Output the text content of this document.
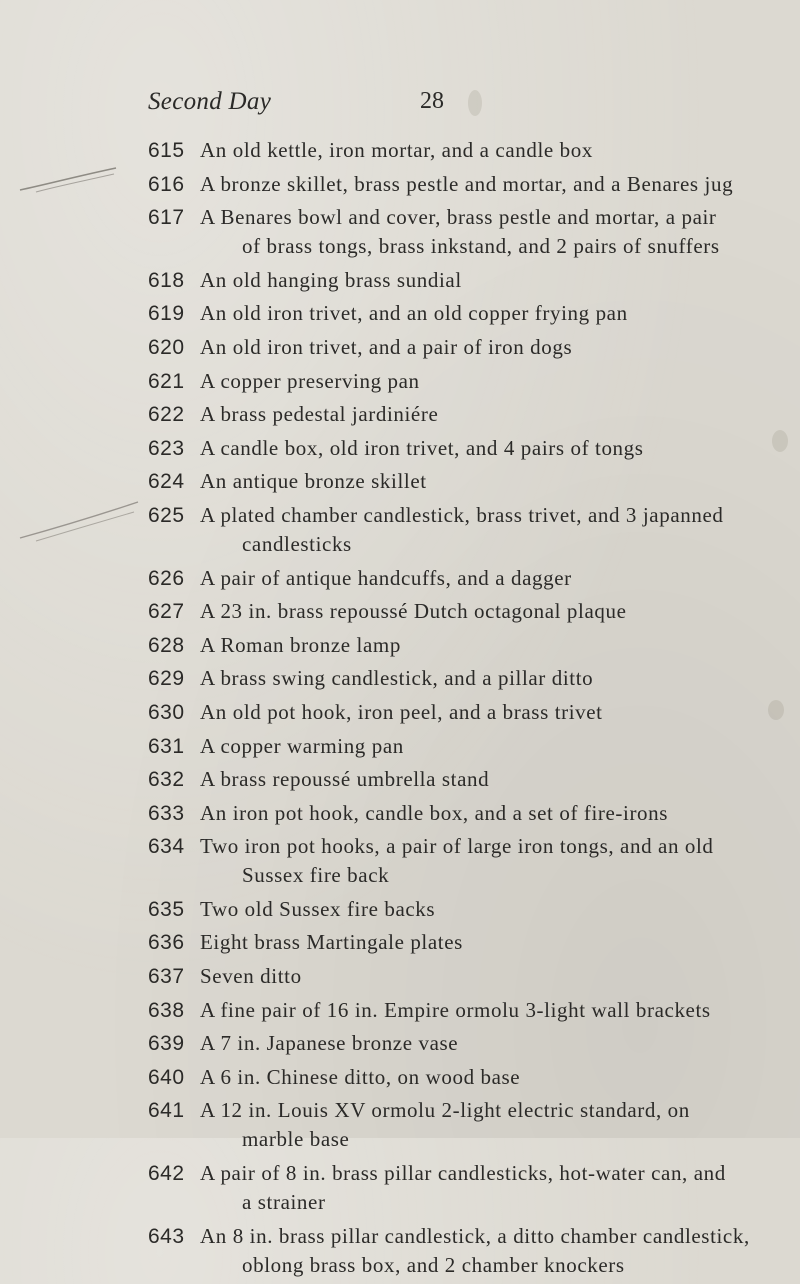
Second Day	28
615 An old kettle, iron mortar, and a candle box
616 A bronze skillet, brass pestle and mortar, and a Benares jug
617 A Benares bowl and cover, brass pestle and mortar, a pair
of brass tongs, brass inkstand, and 2 pairs of snuffers
618 An old hanging brass sundial
619 An old iron trivet, and an old copper frying pan
620 An old iron trivet, and a pair of iron dogs
621 A copper preserving pan
622 A brass pedestal jardiniére
623 A candle box, old iron trivet, and 4 pairs of tongs
624 An antique bronze skillet
625 A plated chamber candlestick, brass trivet, and 3 japanned
candlesticks
626 A pair of antique handcuffs, and a dagger
627 A 23 in. brass repoussé Dutch octagonal plaque
628 A Roman bronze lamp
629 A brass swing candlestick, and a pillar ditto
630 An old pot hook, iron peel, and a brass trivet
631 A copper warming pan
632 A brass repoussé umbrella stand
633 An iron pot hook, candle box, and a set of fire-irons
634 Two iron pot hooks, a pair of large iron tongs, and an old
Sussex fire back
635 Two old Sussex fire backs
636 Eight brass Martingale plates
637 Seven ditto
638 A fine pair of 16 in. Empire ormolu 3-light wall brackets
639 A 7 in. Japanese bronze vase
640 A 6 in. Chinese ditto, on wood base
641 A 12 in. Louis XV ormolu 2-light electric standard, on
marble base
642 A pair of 8 in. brass pillar candlesticks, hot-water can, and
a strainer
643 An 8 in. brass pillar candlestick, a ditto chamber candlestick,
oblong brass box, and 2 chamber knockers
